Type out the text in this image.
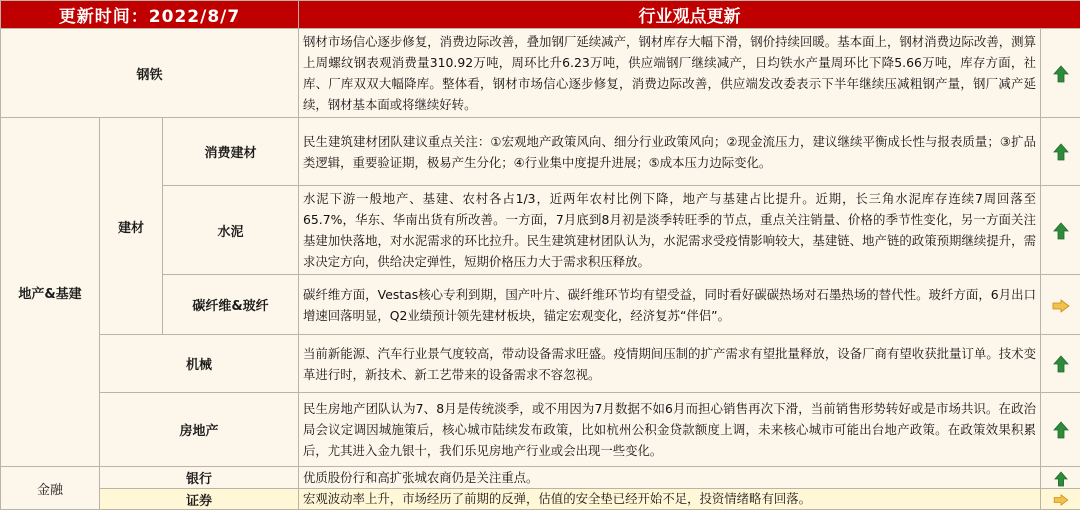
更新时间：2022/8/7			行业观点更新	
钢铁			钢材市场信心逐步修复，消费边际改善，叠加钢厂延续减产，钢材库存大幅下滑，钢价持续回暖。基本面上，钢材消费边际改善，测算上周螺纹钢表观消费量310.92万吨，周环比升6.23万吨，供应端钢厂继续减产，日均铁水产量周环比下降5.66万吨，库存方面，社库、厂库双双大幅降库。整体看，钢材市场信心逐步修复，消费边际改善，供应端发改委表示下半年继续压减粗钢产量，钢厂减产延续，钢材基本面或将继续好转。	
地产&基建	建材	消费建材	民生建筑建材团队建议重点关注：①宏观地产政策风向、细分行业政策风向；②现金流压力，建议继续平衡成长性与报表质量；③扩品类逻辑，重要验证期，极易产生分化；④行业集中度提升进展；⑤成本压力边际变化。	
		水泥	水泥下游一般地产、基建、农村各占1/3，近两年农村比例下降，地产与基建占比提升。近期，长三角水泥库存连续7周回落至65.7%，华东、华南出货有所改善。一方面，7月底到8月初是淡季转旺季的节点，重点关注销量、价格的季节性变化，另一方面关注基建加快落地，对水泥需求的环比拉升。民生建筑建材团队认为，水泥需求受疫情影响较大，基建链、地产链的政策预期继续提升，需求决定方向，供给决定弹性，短期价格压力大于需求积压释放。	
		碳纤维&玻纤	碳纤维方面，Vestas核心专利到期，国产叶片、碳纤维环节均有望受益，同时看好碳碳热场对石墨热场的替代性。玻纤方面，6月出口增速回落明显，Q2业绩预计领先建材板块，锚定宏观变化，经济复苏“伴侣”。	
	机械		当前新能源、汽车行业景气度较高，带动设备需求旺盛。疫情期间压制的扩产需求有望批量释放，设备厂商有望收获批量订单。技术变革进行时，新技术、新工艺带来的设备需求不容忽视。	
	房地产		民生房地产团队认为7、8月是传统淡季，或不用因为7月数据不如6月而担心销售再次下滑，当前销售形势转好或是市场共识。在政治局会议定调因城施策后，核心城市陆续发布政策，比如杭州公积金贷款额度上调，未来核心城市可能出台地产政策。在政策效果积累后，尤其进入金九银十，我们乐见房地产行业或会出现一些变化。	
金融	银行		优质股份行和高扩张城农商仍是关注重点。	
	证券		宏观波动率上升，市场经历了前期的反弹，估值的安全垫已经开始不足，投资情绪略有回落。	
